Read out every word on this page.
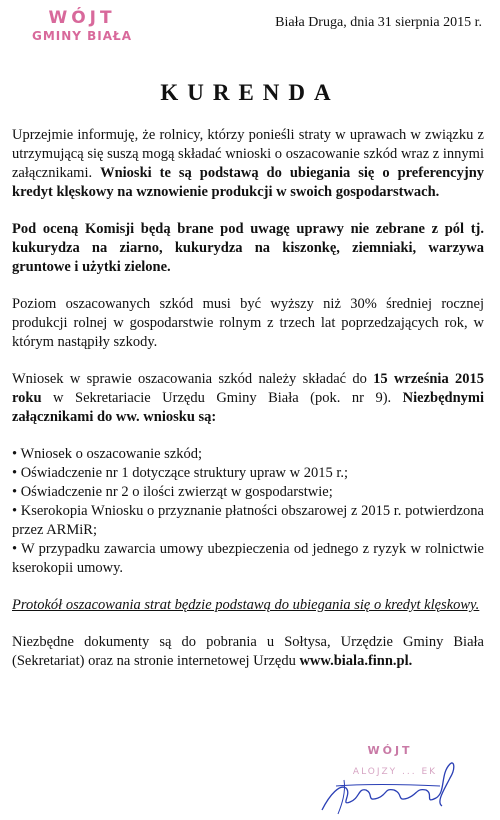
WÓJT
GMINY BIAŁA
Biała Druga, dnia 31 sierpnia 2015 r.
KURENDA

Uprzejmie informuję, że rolnicy, którzy ponieśli straty w uprawach w związku z utrzymującą się suszą mogą składać wnioski o oszacowanie szkód wraz z innymi załącznikami. Wnioski te są podstawą do ubiegania się o preferencyjny kredyt klęskowy na wznowienie produkcji w swoich gospodarstwach.

Pod oceną Komisji będą brane pod uwagę uprawy nie zebrane z pól tj. kukurydza na ziarno, kukurydza na kiszonkę, ziemniaki, warzywa gruntowe i użytki zielone.

Poziom oszacowanych szkód musi być wyższy niż 30% średniej rocznej produkcji rolnej w gospodarstwie rolnym z trzech lat poprzedzających rok, w którym nastąpiły szkody.

Wniosek w sprawie oszacowania szkód należy składać do 15 września 2015 roku w Sekretariacie Urzędu Gminy Biała (pok. nr 9). Niezbędnymi załącznikami do ww. wniosku są:

• Wniosek o oszacowanie szkód;
• Oświadczenie nr 1 dotyczące struktury upraw w 2015 r.;
• Oświadczenie nr 2 o ilości zwierząt w gospodarstwie;
• Kserokopia Wniosku o przyznanie płatności obszarowej z 2015 r. potwierdzona przez ARMiR;
• W przypadku zawarcia umowy ubezpieczenia od jednego z ryzyk w rolnictwie kserokopii umowy.

Protokół oszacowania strat będzie podstawą do ubiegania się o kredyt klęskowy.

Niezbędne dokumenty są do pobrania u Sołtysa, Urzędzie Gminy Biała (Sekretariat) oraz na stronie internetowej Urzędu www.biala.finn.pl.

WÓJT
ALOJZY ... EK
